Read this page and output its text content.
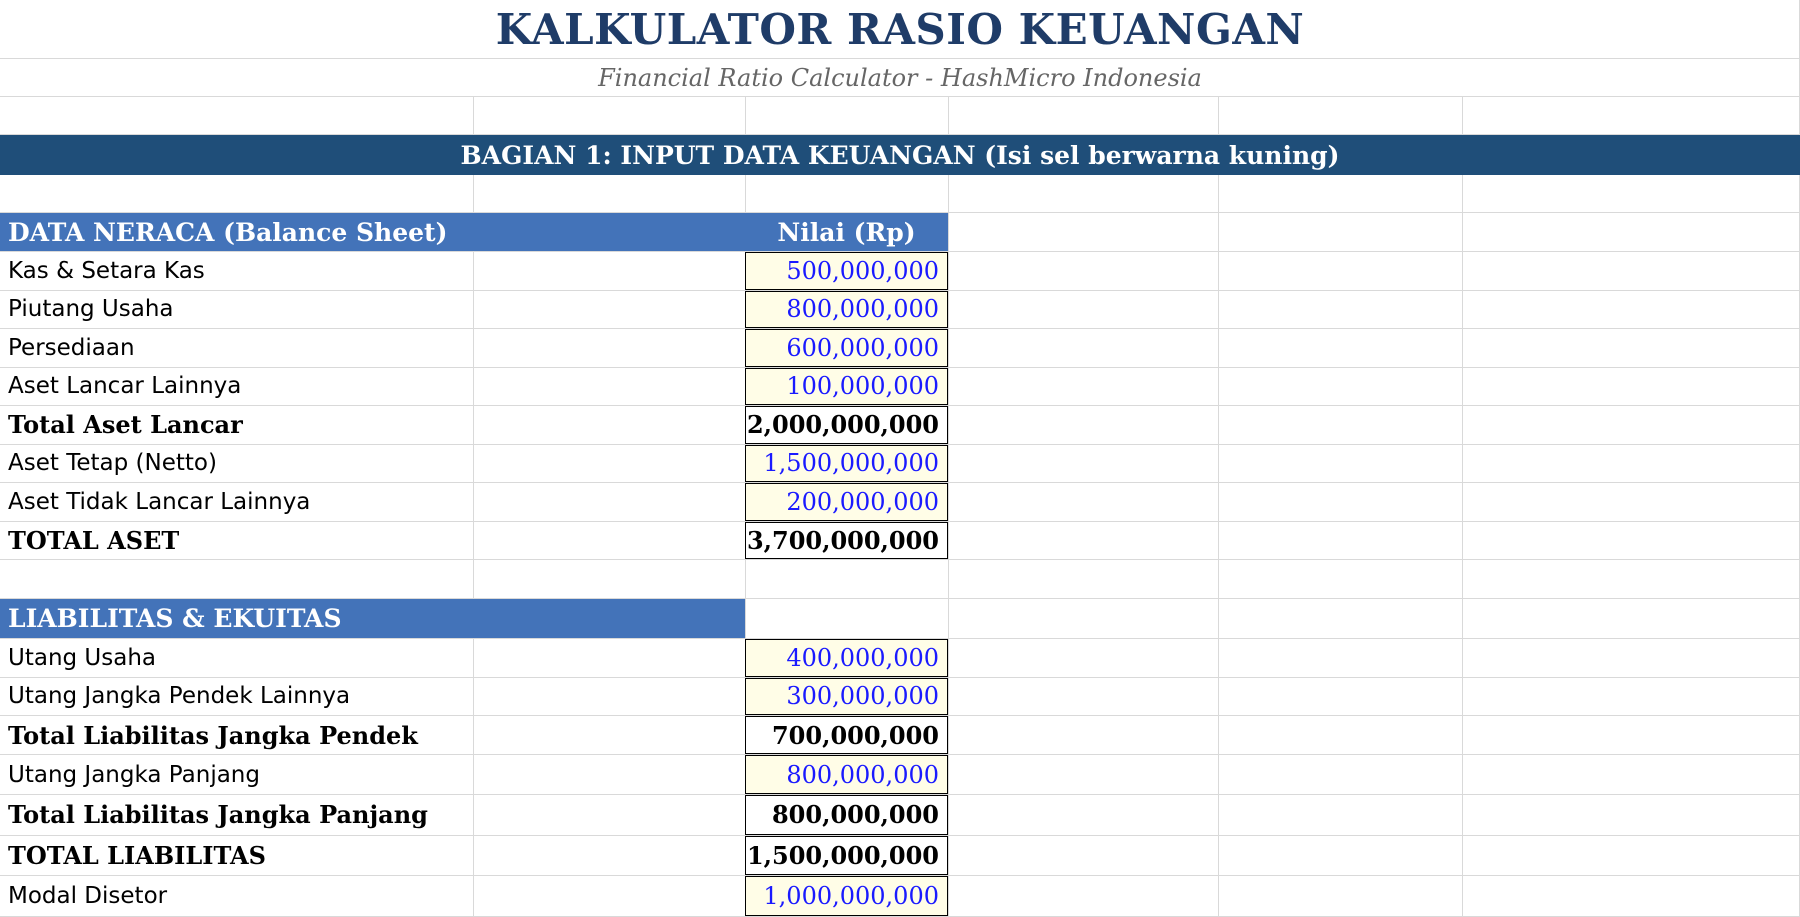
KALKULATOR RASIO KEUANGAN
Financial Ratio Calculator - HashMicro Indonesia
BAGIAN 1: INPUT DATA KEUANGAN (Isi sel berwarna kuning)
DATA NERACA (Balance Sheet)	Nilai (Rp)
Kas & Setara Kas	500,000,000
Piutang Usaha	800,000,000
Persediaan	600,000,000
Aset Lancar Lainnya	100,000,000
Total Aset Lancar	2,000,000,000
Aset Tetap (Netto)	1,500,000,000
Aset Tidak Lancar Lainnya	200,000,000
TOTAL ASET	3,700,000,000
LIABILITAS & EKUITAS
Utang Usaha	400,000,000
Utang Jangka Pendek Lainnya	300,000,000
Total Liabilitas Jangka Pendek	700,000,000
Utang Jangka Panjang	800,000,000
Total Liabilitas Jangka Panjang	800,000,000
TOTAL LIABILITAS	1,500,000,000
Modal Disetor	1,000,000,000
